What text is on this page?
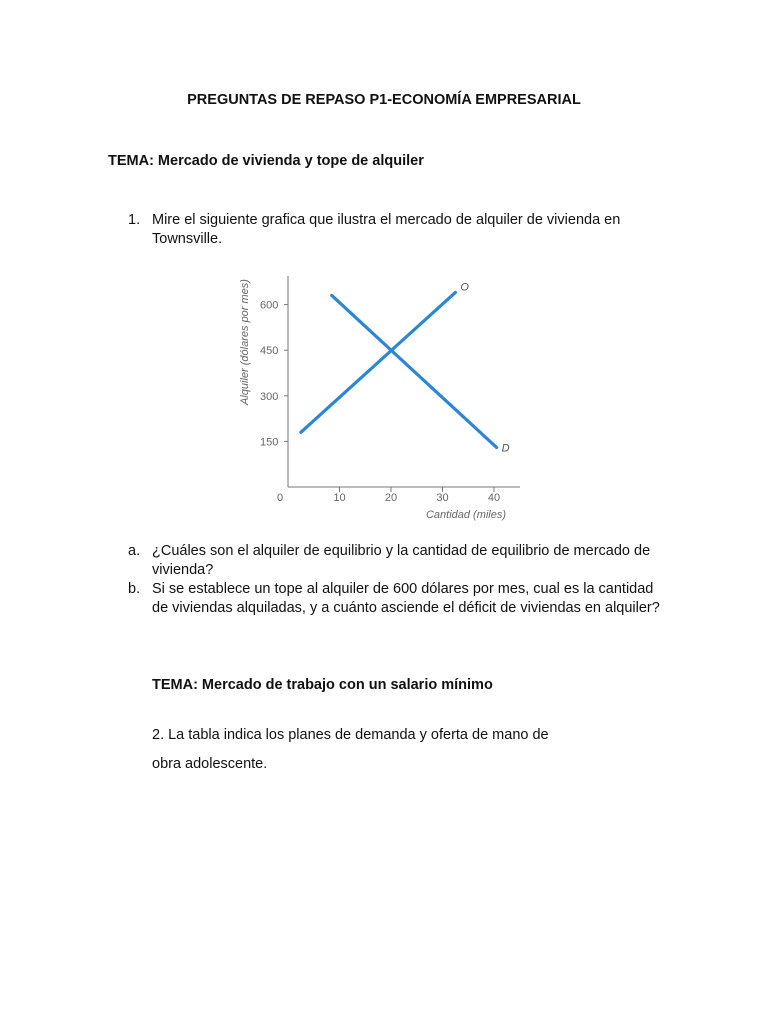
PREGUNTAS DE REPASO P1-ECONOMÍA EMPRESARIAL
TEMA: Mercado de vivienda y tope de alquiler
1. Mire el siguiente grafica que ilustra el mercado de alquiler de vivienda en Townsville.
0	10	20	30	40
150
300
450
600
O
D
Cantidad (miles)
Alquiler (dólares por mes)
a. ¿Cuáles son el alquiler de equilibrio y la cantidad de equilibrio de mercado de vivienda?
b. Si se establece un tope al alquiler de 600 dólares por mes, cual es la cantidad de viviendas alquiladas, y a cuánto asciende el déficit de viviendas en alquiler?
TEMA: Mercado de trabajo con un salario mínimo
2. La tabla indica los planes de demanda y oferta de mano de
obra adolescente.
